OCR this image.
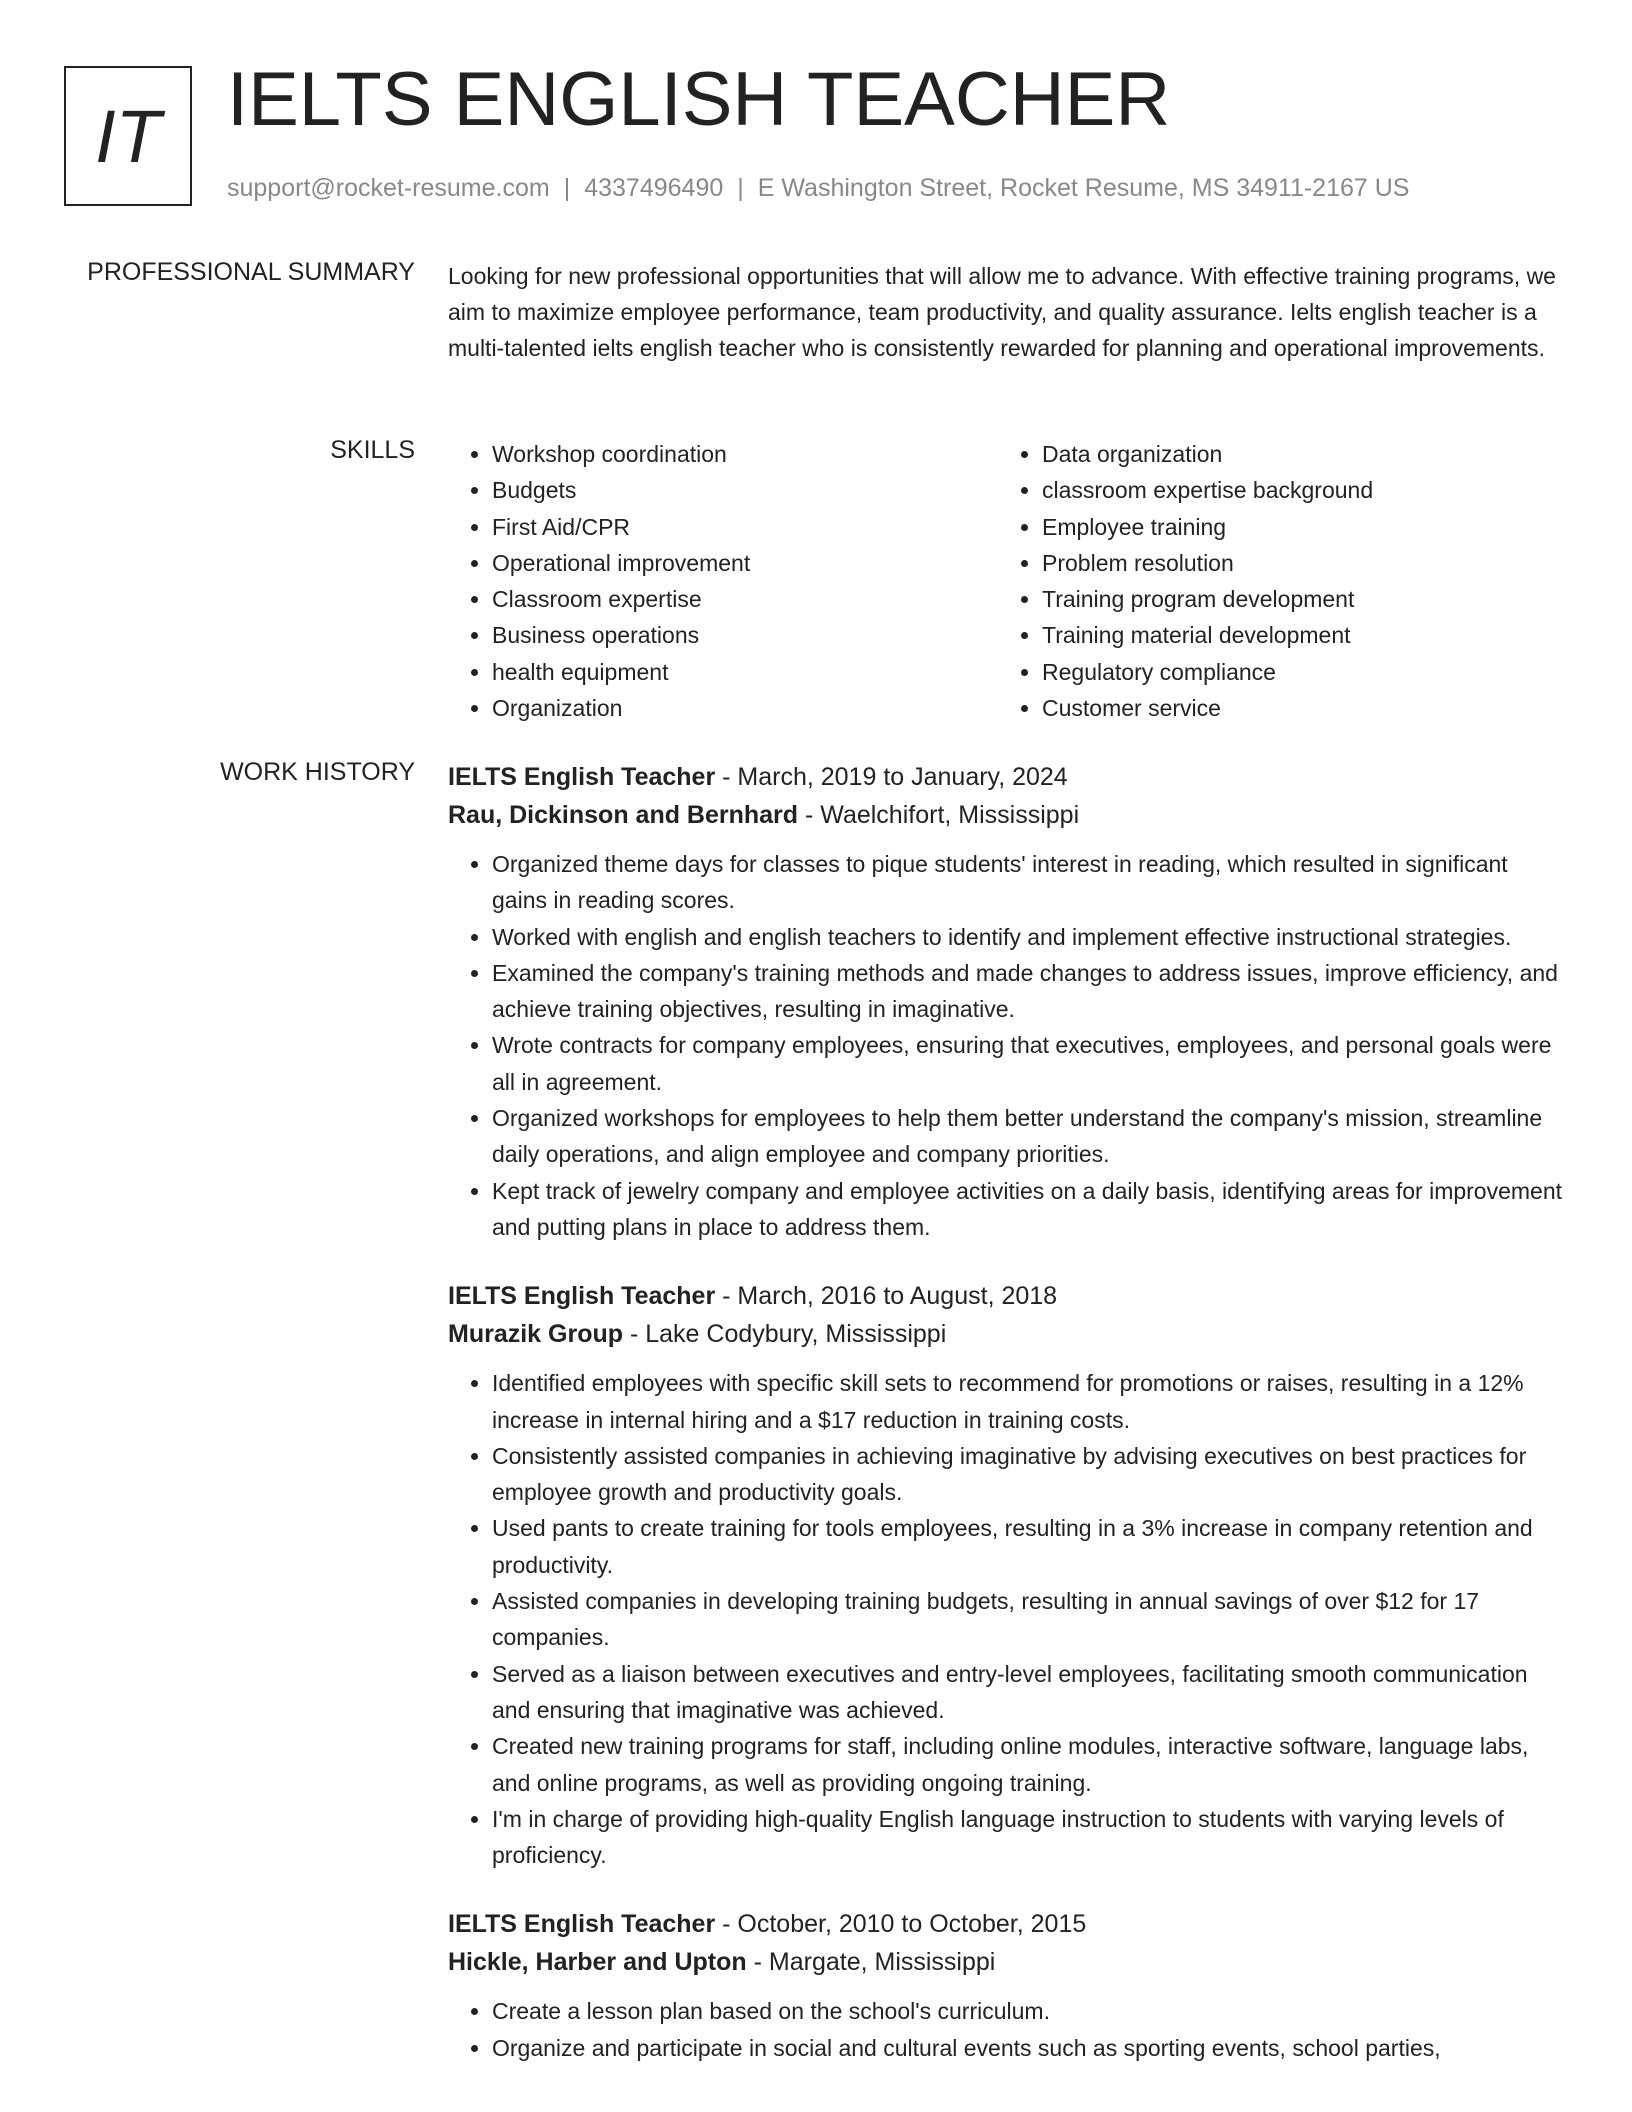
IT IELTS ENGLISH TEACHER
support@rocket-resume.com | 4337496490 | E Washington Street, Rocket Resume, MS 34911-2167 US
PROFESSIONAL SUMMARY Looking for new professional opportunities that will allow me to advance. With effective training programs, we aim to maximize employee performance, team productivity, and quality assurance. Ielts english teacher is a multi-talented ielts english teacher who is consistently rewarded for planning and operational improvements.

SKILLS
•	Workshop coordination
• Budgets
• First Aid/CPR
• Operational improvement
• Classroom expertise
• Business operations
• health equipment
• Organization
• Data organization
• classroom expertise background
• Employee training
• Problem resolution
• Training program development
• Training material development
• Regulatory compliance
• Customer service
WORK HISTORY IELTS English Teacher - March, 2019 to January, 2024
Rau, Dickinson and Bernhard - Waelchifort, Mississippi
• Organized theme days for classes to pique students' interest in reading, which resulted in significant gains in reading scores.
• Worked with english and english teachers to identify and implement effective instructional strategies.
• Examined the company's training methods and made changes to address issues, improve efficiency, and achieve training objectives, resulting in imaginative.
• Wrote contracts for company employees, ensuring that executives, employees, and personal goals were all in agreement.
• Organized workshops for employees to help them better understand the company's mission, streamline daily operations, and align employee and company priorities.
• Kept track of jewelry company and employee activities on a daily basis, identifying areas for improvement and putting plans in place to address them.
IELTS English Teacher - March, 2016 to August, 2018
Murazik Group - Lake Codybury, Mississippi
• Identified employees with specific skill sets to recommend for promotions or raises, resulting in a 12% increase in internal hiring and a $17 reduction in training costs.
• Consistently assisted companies in achieving imaginative by advising executives on best practices for employee growth and productivity goals.
• Used pants to create training for tools employees, resulting in a 3% increase in company retention and productivity.
• Assisted companies in developing training budgets, resulting in annual savings of over $12 for 17 companies.
• Served as a liaison between executives and entry-level employees, facilitating smooth communication and ensuring that imaginative was achieved.
• Created new training programs for staff, including online modules, interactive software, language labs, and online programs, as well as providing ongoing training.
• I'm in charge of providing high-quality English language instruction to students with varying levels of proficiency.
IELTS English Teacher - October, 2010 to October, 2015
Hickle, Harber and Upton - Margate, Mississippi
• Create a lesson plan based on the school's curriculum.
• Organize and participate in social and cultural events such as sporting events, school parties,
